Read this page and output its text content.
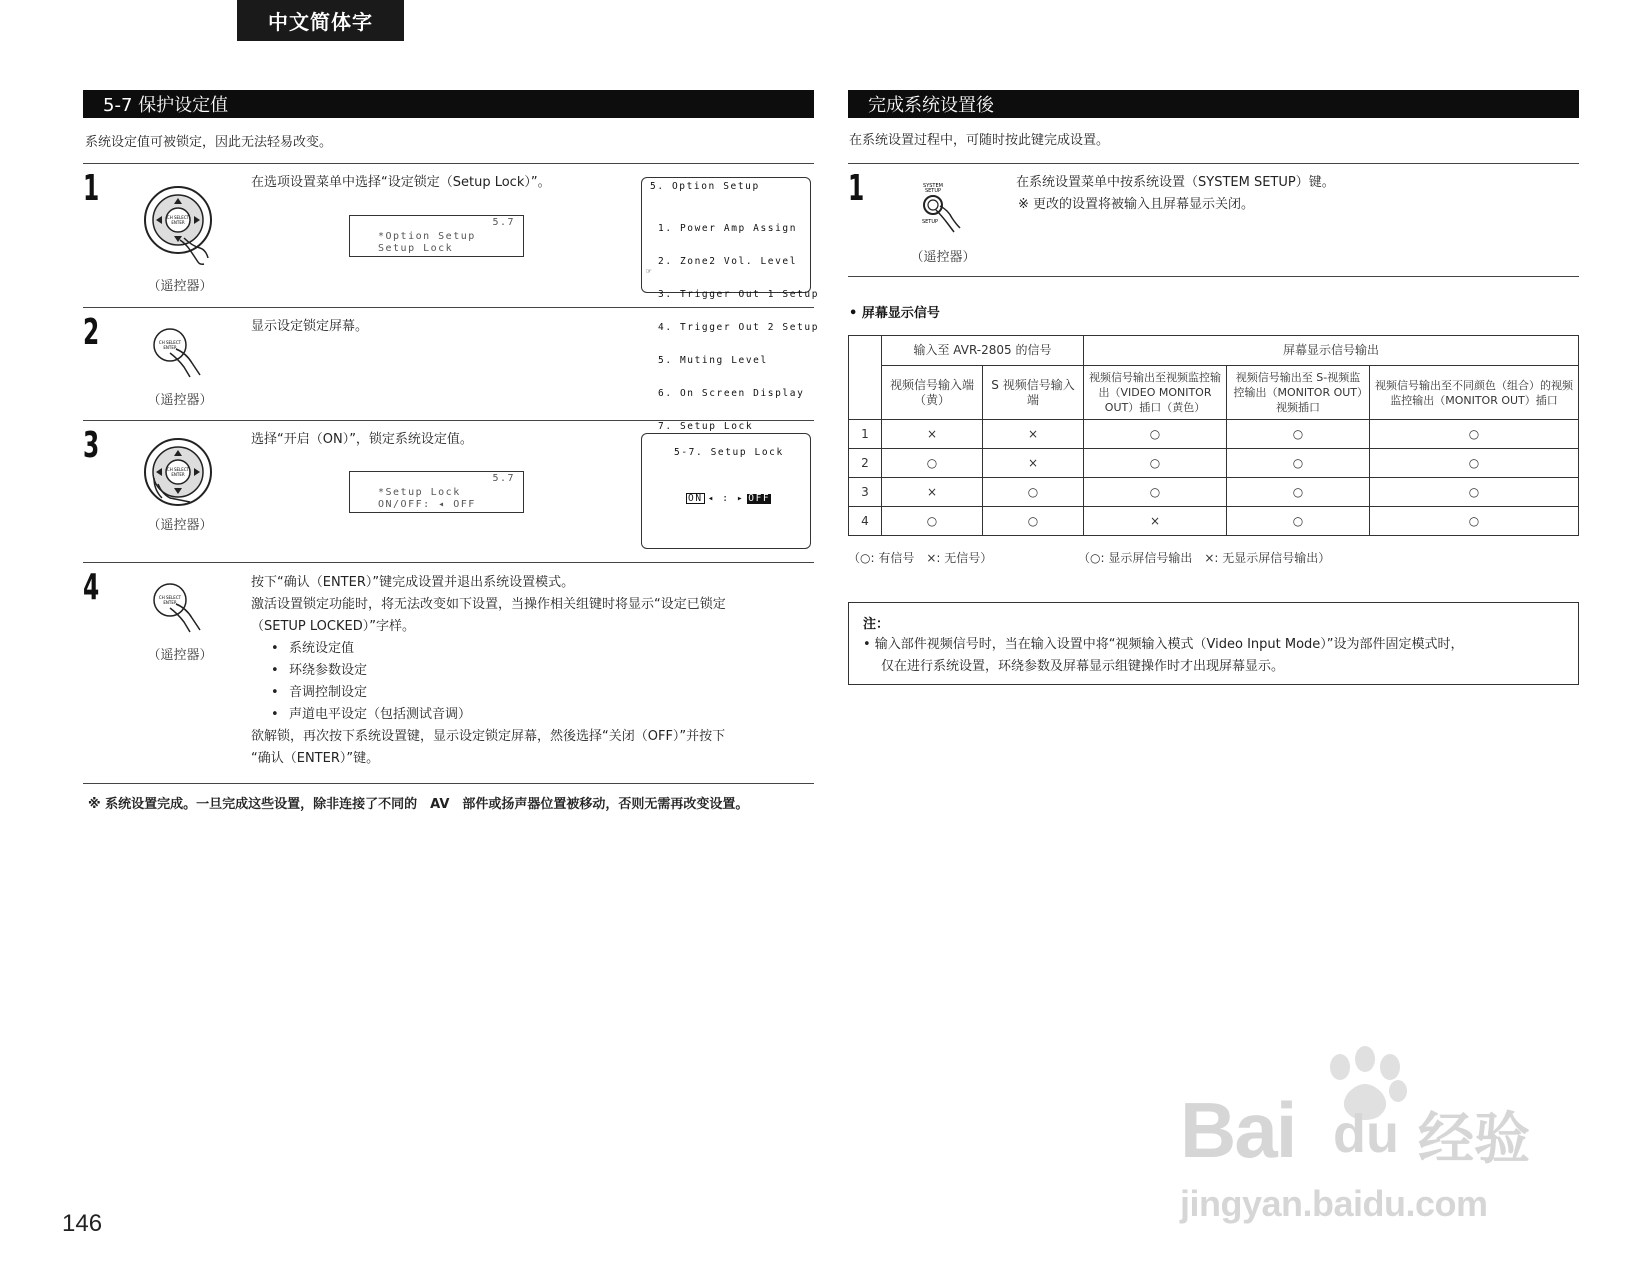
中文简体字
5-7 保护设定值
系统设定值可被锁定，因此无法轻易改变。
1
CH SELECT
ENTER
（遥控器）
在选项设置菜单中选择“设定锁定（Setup Lock）”。
5.7
*Option Setup
Setup Lock
5. Option Setup

1. Power Amp Assign

2. Zone2 Vol. Level

3. Trigger Out 1 Setup

4. Trigger Out 2 Setup

5. Muting Level

6. On Screen Display

7. Setup Lock

☞
2	CH SELECT
ENTER
（遥控器）
显示设定锁定屏幕。
3
CH SELECT
ENTER
（遥控器）
选择“开启（ON）”，锁定系统设定值。
5.7
*Setup Lock
ON/OFF: ◂ OFF
5-7. Setup Lock
ON ◂ : ▸ OFF
4	CH SELECT
ENTER
（遥控器）
按下“确认（ENTER）”键完成设置并退出系统设置模式。
激活设置锁定功能时，将无法改变如下设置，当操作相关组键时将显示“设定已锁定
（SETUP LOCKED）”字样。
• 系统设定值
• 环绕参数设定
• 音调控制设定
• 声道电平设定（包括测试音调）
欲解锁，再次按下系统设置键，显示设定锁定屏幕，然後选择“关闭（OFF）”并按下
“确认（ENTER）”键。
※ 系统设置完成。一旦完成这些设置，除非连接了不同的　AV　部件或扬声器位置被移动，否则无需再改变设置。
完成系统设置後
在系统设置过程中，可随时按此键完成设置。
1	SYSTEM
SETUP
SETUP
（遥控器）
在系统设置菜单中按系统设置（SYSTEM SETUP）键。
※ 更改的设置将被输入且屏幕显示关闭。
• 屏幕显示信号
	输入至 AVR-2805 的信号		屏幕显示信号输出		
	视频信号输入端（黄）	S 视频信号输入端	视频信号输出至视频监控输出（VIDEO MONITOR OUT）插口（黄色）	视频信号输出至 S-视频监控输出（MONITOR OUT）视频插口	视频信号输出至不同颜色（组合）的视频监控输出（MONITOR OUT）插口
1	×	×	○	○	○
2	○	×	○	○	○
3	×	○	○	○	○
4	○	○	×	○	○
（○: 有信号　×: 无信号）	（○: 显示屏信号输出　×: 无显示屏信号输出）
注：
• 输入部件视频信号时，当在输入设置中将“视频输入模式（Video Input Mode）”设为部件固定模式时，
仅在进行系统设置，环绕参数及屏幕显示组键操作时才出现屏幕显示。
146
Bai du 经验
jingyan.baidu.com
